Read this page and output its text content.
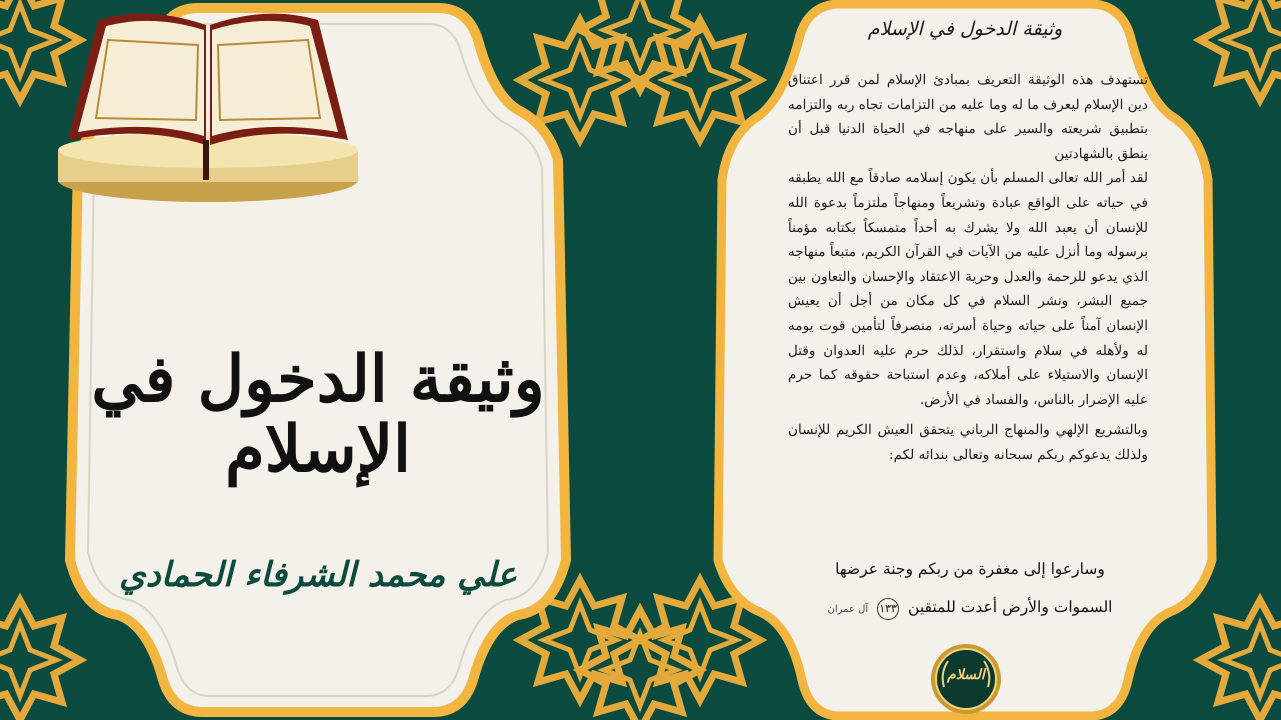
وثيقة الدخول في الإسلام
علي محمد الشرفاء الحمادي
وثيقة الدخول في الإسلام

تستهدف هذه الوثيقة التعريف بمبادئ الإسلام لمن قرر اعتناق دين الإسلام ليعرف ما له وما عليه من التزامات تجاه ربه والتزامه بتطبيق شريعته والسير على منهاجه في الحياة الدنيا قبل أن ينطق بالشهادتين

لقد أمر الله تعالى المسلم بأن يكون إسلامه صادقاً مع الله يطبقه في حياته على الواقع عبادة وتشريعاً ومنهاجاً ملتزماً بدعوة الله للإنسان أن يعبد الله ولا يشرك به أحداً متمسكاً بكتابه مؤمناً برسوله وما أنزل عليه من الآيات في القرآن الكريم، متبعاً منهاجه الذي يدعو للرحمة والعدل وحرية الاعتقاد والإحسان والتعاون بين جميع البشر، ونشر السلام في كل مكان من أجل أن يعيش الإنسان آمناً على حياته وحياة أسرته، منصرفاً لتأمين قوت يومه له ولأهله في سلام واستقرار، لذلك حرم عليه العدوان وقتل الإنسان والاستيلاء على أملاكه، وعدم استباحة حقوقه كما حرم عليه الإضرار بالناس، والفساد في الأرض.

وبالتشريع الإلهي والمنهاج الرباني يتحقق العيش الكريم للإنسان ولذلك يدعوكم ربكم سبحانه وتعالى بندائه لكم:

وسارعوا إلى مغفرة من ربكم وجنة عرضها
السموات والأرض أعدت للمتقين ١٣٣ آل عمران
السلام
